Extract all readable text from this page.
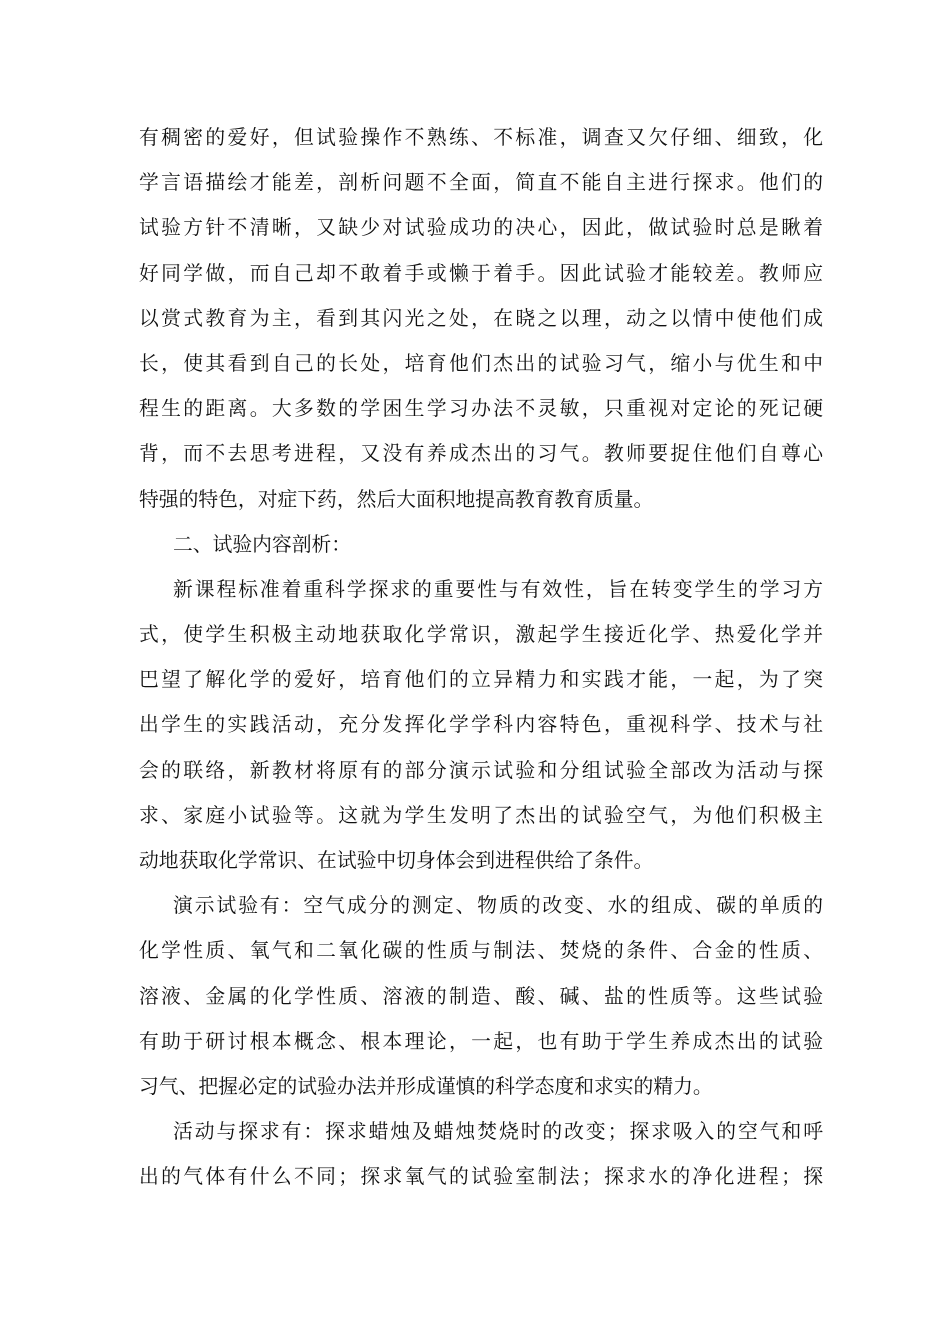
有稠密的爱好，但试验操作不熟练、不标准，调查又欠仔细、细致，化
学言语描绘才能差，剖析问题不全面，简直不能自主进行探求。他们的
试验方针不清晰，又缺少对试验成功的决心，因此，做试验时总是瞅着
好同学做，而自己却不敢着手或懒于着手。因此试验才能较差。教师应
以赏式教育为主，看到其闪光之处，在晓之以理，动之以情中使他们成
长，使其看到自己的长处，培育他们杰出的试验习气，缩小与优生和中
程生的距离。大多数的学困生学习办法不灵敏，只重视对定论的死记硬
背，而不去思考进程，又没有养成杰出的习气。教师要捉住他们自尊心
特强的特色，对症下药，然后大面积地提高教育教育质量。
二、试验内容剖析：
新课程标准着重科学探求的重要性与有效性，旨在转变学生的学习方
式，使学生积极主动地获取化学常识，激起学生接近化学、热爱化学并
巴望了解化学的爱好，培育他们的立异精力和实践才能，一起，为了突
出学生的实践活动，充分发挥化学学科内容特色，重视科学、技术与社
会的联络，新教材将原有的部分演示试验和分组试验全部改为活动与探
求、家庭小试验等。这就为学生发明了杰出的试验空气，为他们积极主
动地获取化学常识、在试验中切身体会到进程供给了条件。
演示试验有：空气成分的测定、物质的改变、水的组成、碳的单质的
化学性质、氧气和二氧化碳的性质与制法、焚烧的条件、合金的性质、
溶液、金属的化学性质、溶液的制造、酸、碱、盐的性质等。这些试验
有助于研讨根本概念、根本理论，一起，也有助于学生养成杰出的试验
习气、把握必定的试验办法并形成谨慎的科学态度和求实的精力。
活动与探求有：探求蜡烛及蜡烛焚烧时的改变；探求吸入的空气和呼
出的气体有什么不同；探求氧气的试验室制法；探求水的净化进程；探
